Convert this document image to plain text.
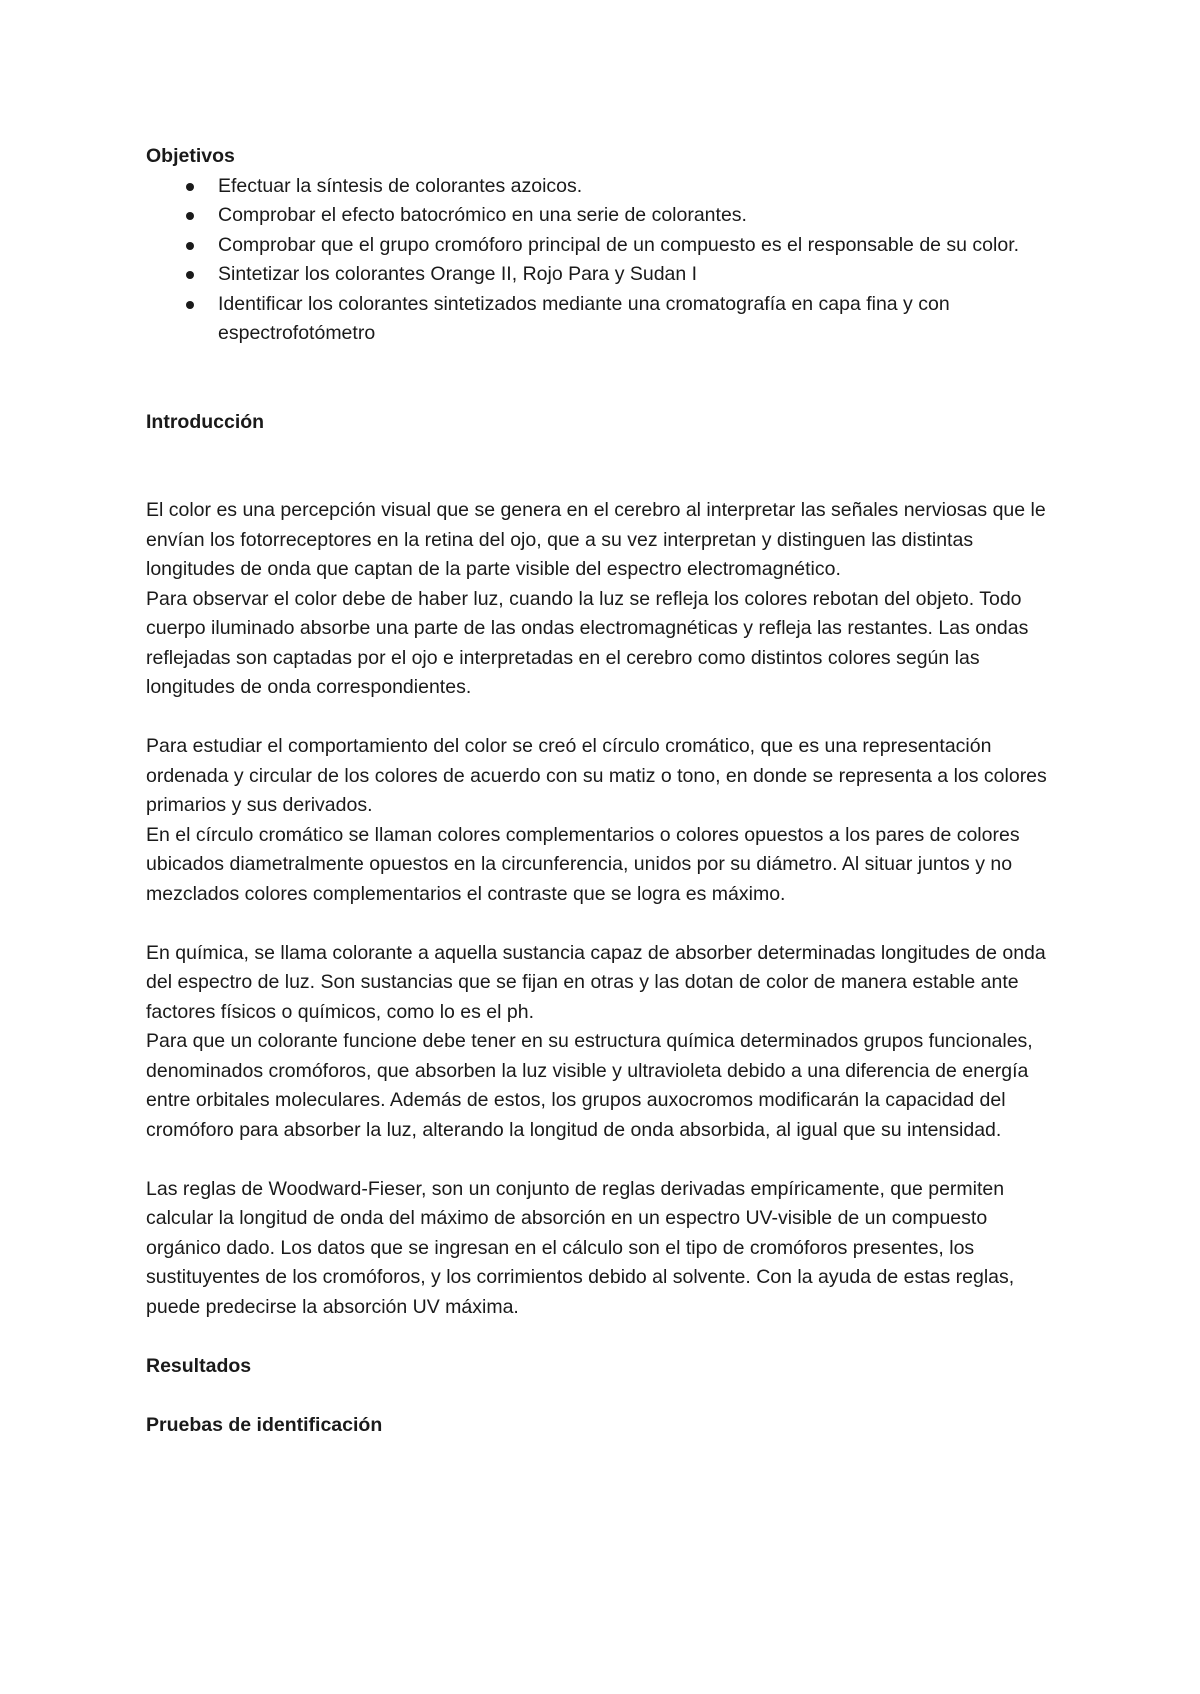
Objetivos

Efectuar la síntesis de colorantes azoicos.
Comprobar el efecto batocrómico en una serie de colorantes.
Comprobar que el grupo cromóforo principal de un compuesto es el responsable de su color.
Sintetizar los colorantes Orange II, Rojo Para y Sudan I
Identificar los colorantes sintetizados mediante una cromatografía en capa fina y con espectrofotómetro

Introducción

El color es una percepción visual que se genera en el cerebro al interpretar las señales nerviosas que le envían los fotorreceptores en la retina del ojo, que a su vez interpretan y distinguen las distintas longitudes de onda que captan de la parte visible del espectro electromagnético.

Para observar el color debe de haber luz, cuando la luz se refleja los colores rebotan del objeto. Todo cuerpo iluminado absorbe una parte de las ondas electromagnéticas y refleja las restantes. Las ondas reflejadas son captadas por el ojo e interpretadas en el cerebro como distintos colores según las longitudes de onda correspondientes.

Para estudiar el comportamiento del color se creó el círculo cromático, que es una representación ordenada y circular de los colores de acuerdo con su matiz o tono, en donde se representa a los colores primarios y sus derivados.

En el círculo cromático se llaman colores complementarios o colores opuestos a los pares de colores ubicados diametralmente opuestos en la circunferencia, unidos por su diámetro. Al situar juntos y no mezclados colores complementarios el contraste que se logra es máximo.

En química, se llama colorante a aquella sustancia capaz de absorber determinadas longitudes de onda del espectro de luz. Son sustancias que se fijan en otras y las dotan de color de manera estable ante factores físicos o químicos, como lo es el ph.

Para que un colorante funcione debe tener en su estructura química determinados grupos funcionales, denominados cromóforos, que absorben la luz visible y ultravioleta debido a una diferencia de energía entre orbitales moleculares. Además de estos, los grupos auxocromos modificarán la capacidad del cromóforo para absorber la luz, alterando la longitud de onda absorbida, al igual que su intensidad.

Las reglas de Woodward-Fieser, son un conjunto de reglas derivadas empíricamente, que permiten calcular la longitud de onda del máximo de absorción en un espectro UV-visible de un compuesto orgánico dado. Los datos que se ingresan en el cálculo son el tipo de cromóforos presentes, los sustituyentes de los cromóforos, y los corrimientos debido al solvente. Con la ayuda de estas reglas, puede predecirse la absorción UV máxima.

Resultados

Pruebas de identificación
